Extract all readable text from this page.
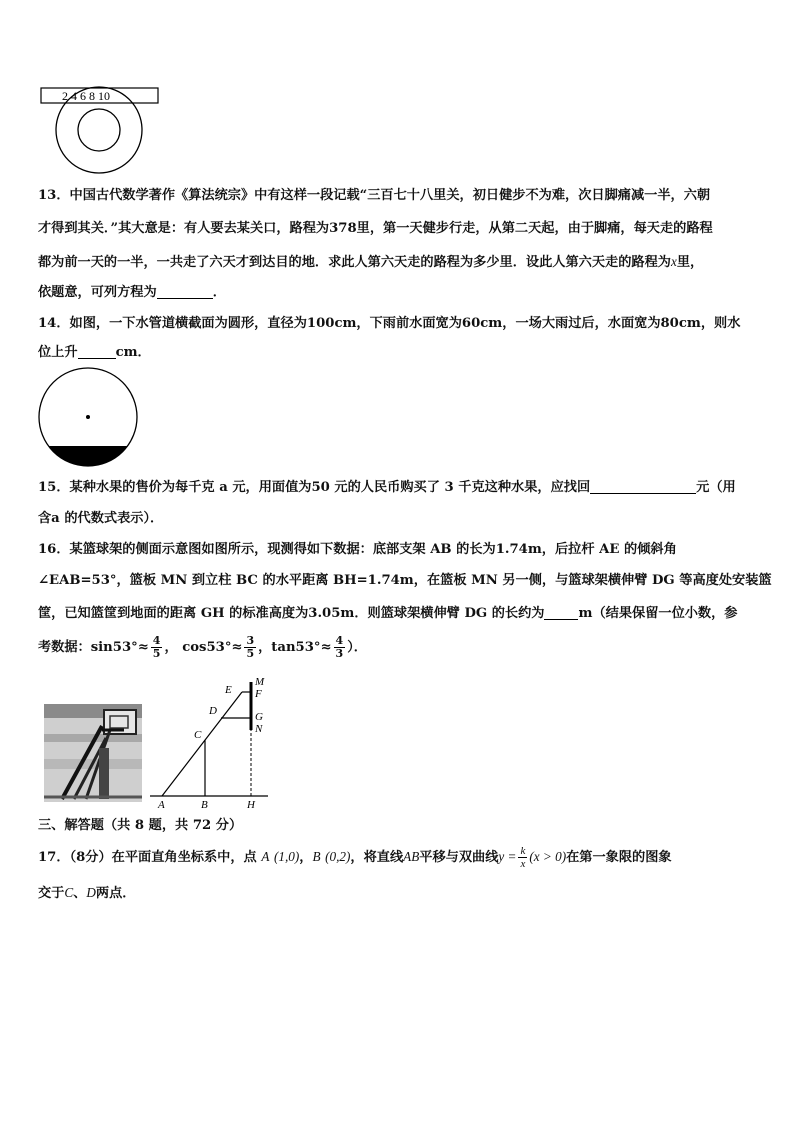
2 4 6 8 10
13．中国古代数学著作《算法统宗》中有这样一段记载“三百七十八里关，初日健步不为难，次日脚痛减一半，六朝
才得到其关．”其大意是：有人要去某关口，路程为378里，第一天健步行走，从第二天起，由于脚痛，每天走的路程
都为前一天的一半，一共走了六天才到达目的地．求此人第六天走的路程为多少里．设此人第六天走的路程为x里，
依题意，可列方程为	．
14．如图，一下水管道横截面为圆形，直径为100cm，下雨前水面宽为60cm，一场大雨过后，水面宽为80cm，则水
位上升	cm．
15．某种水果的售价为每千克 a 元，用面值为50 元的人民币购买了 3 千克这种水果，应找回	元（用
含a 的代数式表示）．
16．某篮球架的侧面示意图如图所示，现测得如下数据：底部支架 AB 的长为1.74m，后拉杆 AE 的倾斜角
∠EAB=53°，篮板 MN 到立柱 BC 的水平距离 BH=1.74m，在篮板 MN 另一侧，与篮球架横伸臂 DG 等高度处安装篮
筐，已知篮筐到地面的距离 GH 的标准高度为3.05m．则篮球架横伸臂 DG 的长约为	m（结果保留一位小数，参
考数据：$\sin 53^\circ\approx \frac{4}{5}$ ， $\cos 53^\circ\approx \frac{3}{5}$ ，$\tan 53^\circ\approx \frac{4}{3}$ ）．
E
M
F
D	G
N
C
A	B	H
三、解答题（共 8 题，共 72 分）
17．（8分）在平面直角坐标系中，点 A (1,0)，B (0,2)，将直线AB平移与双曲线$y = \frac{k}{x} (x > 0)$在第一象限的图象
交于C、D两点．
